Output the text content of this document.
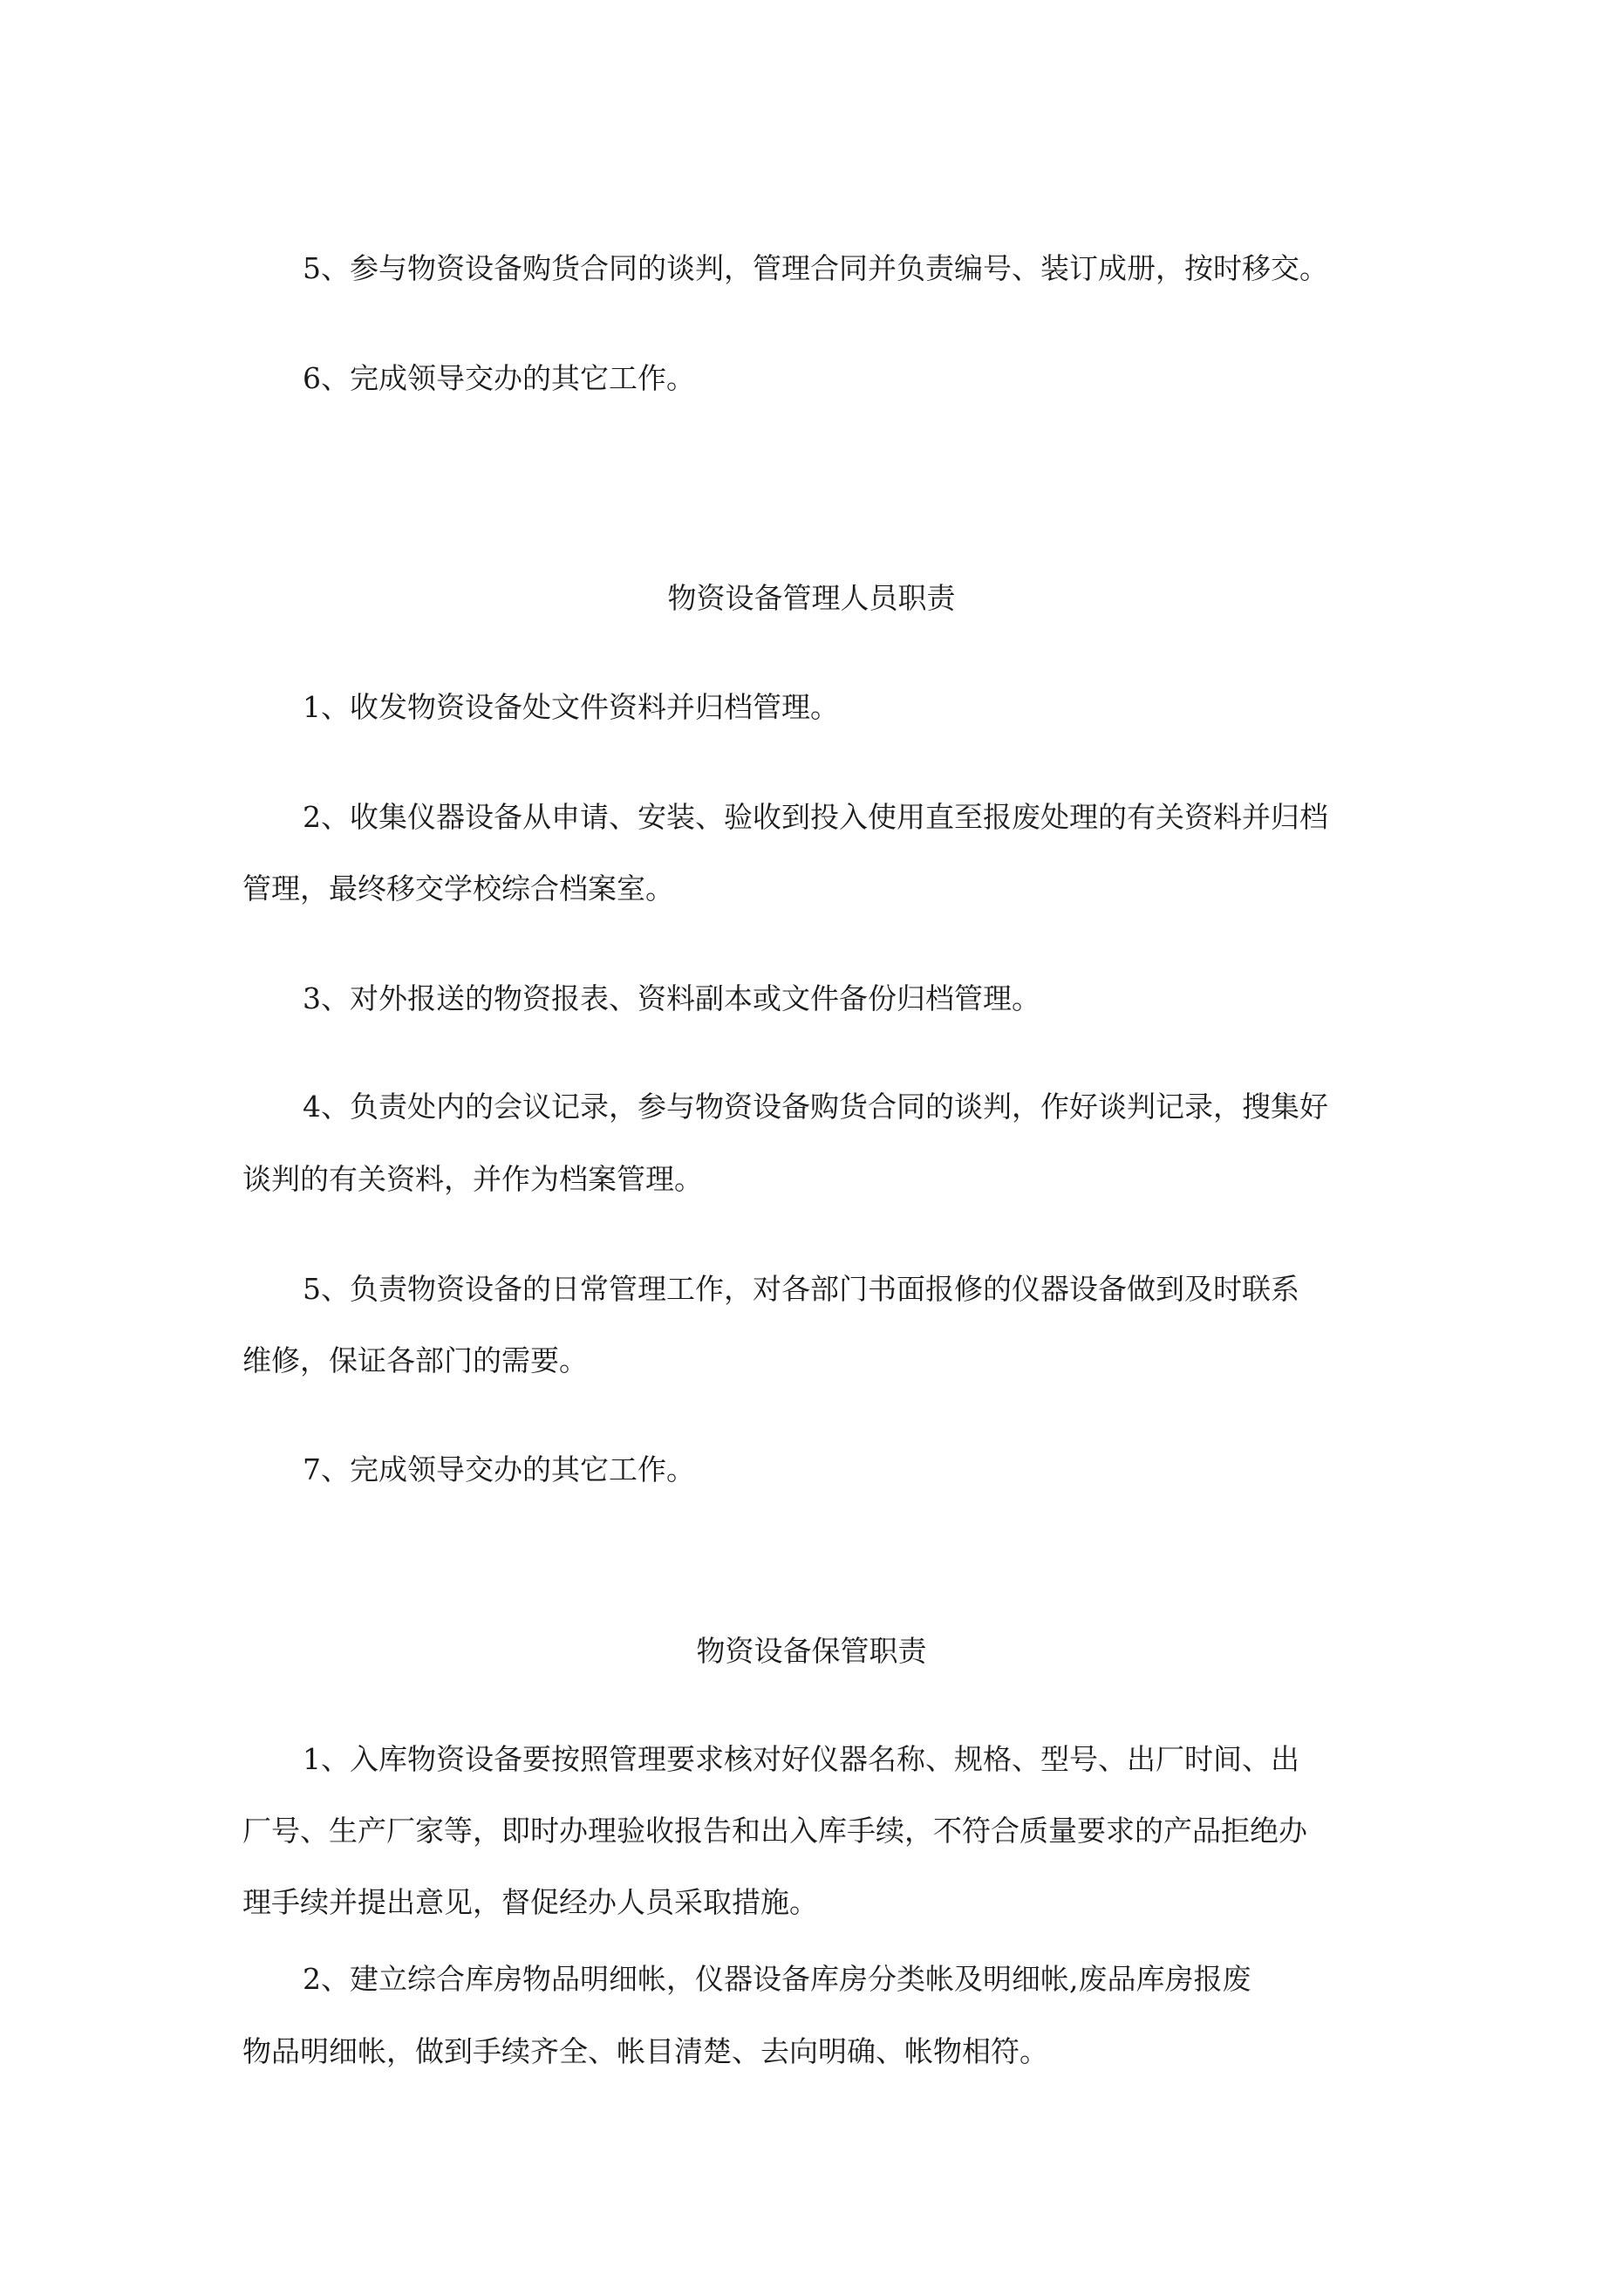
5、参与物资设备购货合同的谈判，管理合同并负责编号、装订成册，按时移交。

6、完成领导交办的其它工作。

物资设备管理人员职责

1、收发物资设备处文件资料并归档管理。

2、收集仪器设备从申请、安装、验收到投入使用直至报废处理的有关资料并归档

管理，最终移交学校综合档案室。

3、对外报送的物资报表、资料副本或文件备份归档管理。

4、负责处内的会议记录，参与物资设备购货合同的谈判，作好谈判记录，搜集好

谈判的有关资料，并作为档案管理。

5、负责物资设备的日常管理工作，对各部门书面报修的仪器设备做到及时联系

维修，保证各部门的需要。

7、完成领导交办的其它工作。

物资设备保管职责

1、入库物资设备要按照管理要求核对好仪器名称、规格、型号、出厂时间、出

厂号、生产厂家等，即时办理验收报告和出入库手续，不符合质量要求的产品拒绝办

理手续并提出意见，督促经办人员采取措施。

2、建立综合库房物品明细帐，仪器设备库房分类帐及明细帐,废品库房报废

物品明细帐，做到手续齐全、帐目清楚、去向明确、帐物相符。
